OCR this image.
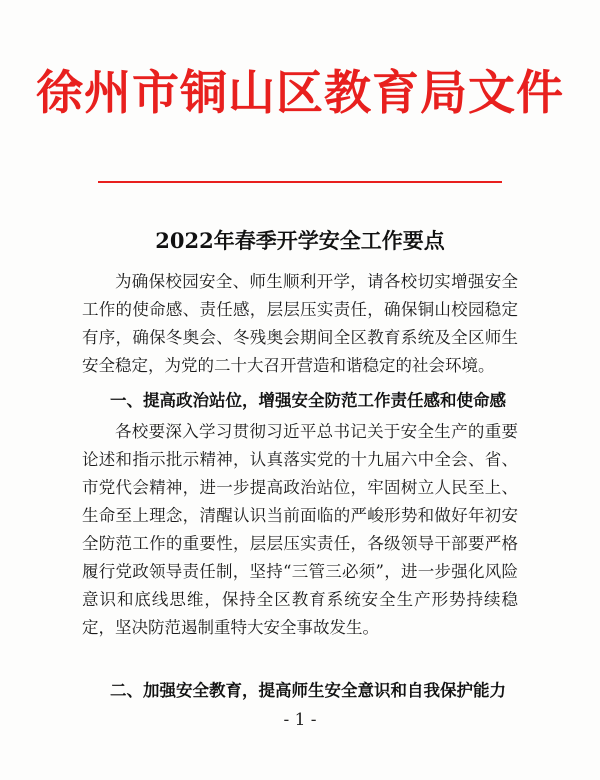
徐州市铜山区教育局文件
2022年春季开学安全工作要点

为确保校园安全、师生顺利开学，请各校切实增强安全工作的使命感、责任感，层层压实责任，确保铜山校园稳定有序，确保冬奥会、冬残奥会期间全区教育系统及全区师生安全稳定，为党的二十大召开营造和谐稳定的社会环境。

一、提高政治站位，增强安全防范工作责任感和使命感

各校要深入学习贯彻习近平总书记关于安全生产的重要论述和指示批示精神，认真落实党的十九届六中全会、省、市党代会精神，进一步提高政治站位，牢固树立人民至上、生命至上理念，清醒认识当前面临的严峻形势和做好年初安全防范工作的重要性，层层压实责任，各级领导干部要严格履行党政领导责任制，坚持“三管三必须”，进一步强化风险意识和底线思维，保持全区教育系统安全生产形势持续稳定，坚决防范遏制重特大安全事故发生。

二、加强安全教育，提高师生安全意识和自我保护能力

- 1 -
